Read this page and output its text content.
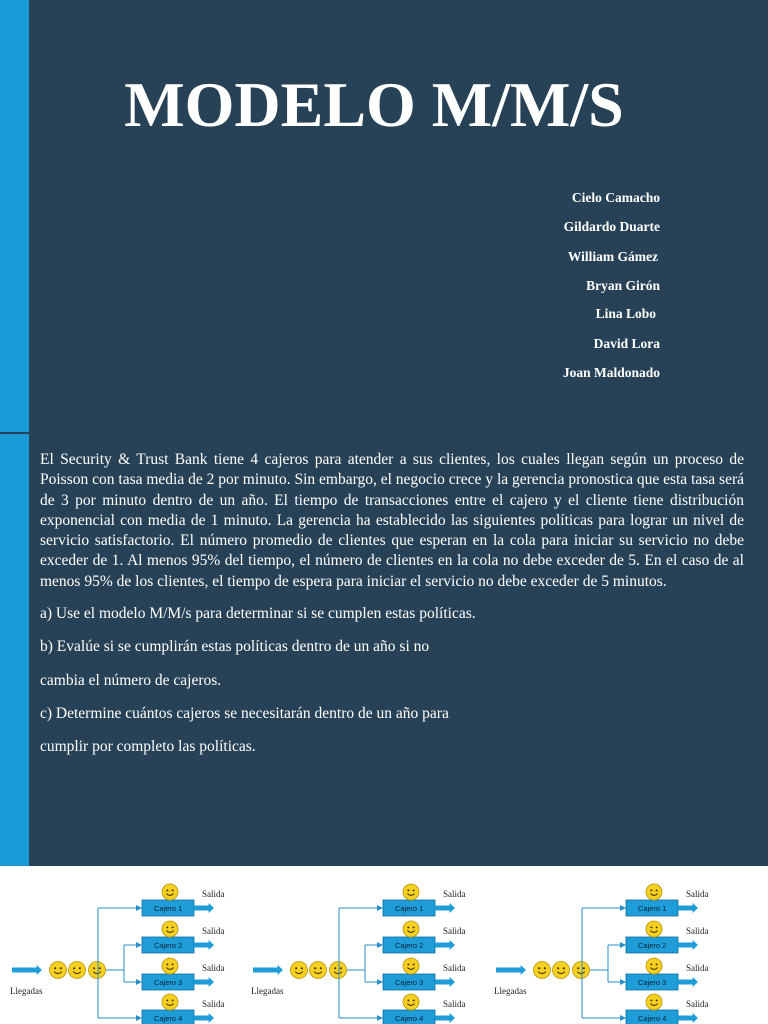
MODELO M/M/S
Cielo Camacho
Gildardo Duarte
William Gámez
Bryan Girón
Lina Lobo
David Lora
Joan Maldonado

El Security & Trust Bank tiene 4 cajeros para atender a sus clientes, los cuales llegan según un proceso de Poisson con tasa media de 2 por minuto. Sin embargo, el negocio crece y la gerencia pronostica que esta tasa será de 3 por minuto dentro de un año. El tiempo de transacciones entre el cajero y el cliente tiene distribución exponencial con media de 1 minuto. La gerencia ha establecido las siguientes políticas para lograr un nivel de servicio satisfactorio. El número promedio de clientes que esperan en la cola para iniciar su servicio no debe exceder de 1. Al menos 95% del tiempo, el número de clientes en la cola no debe exceder de 5. En el caso de al menos 95% de los clientes, el tiempo de espera para iniciar el servicio no debe exceder de 5 minutos.

a) Use el modelo M/M/s para determinar si se cumplen estas políticas.

b) Evalúe si se cumplirán estas políticas dentro de un año si no

cambia el número de cajeros.

c) Determine cuántos cajeros se necesitarán dentro de un año para

cumplir por completo las políticas.

Llegadas
Cajero 1
Salida
Cajero 2
Salida
Cajero 3
Salida
Cajero 4
Salida
Llegadas
Cajero 1
Salida
Cajero 2
Salida
Cajero 3
Salida
Cajero 4
Salida
Llegadas
Cajero 1
Salida
Cajero 2
Salida
Cajero 3
Salida
Cajero 4
Salida
